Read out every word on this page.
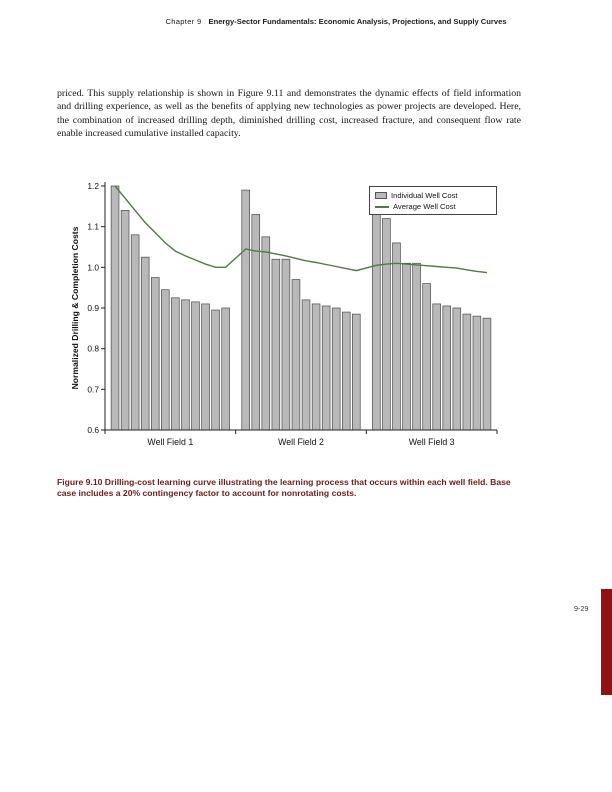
Chapter 9 Energy-Sector Fundamentals: Economic Analysis, Projections, and Supply Curves

priced. This supply relationship is shown in Figure 9.11 and demonstrates the dynamic effects of field information and drilling experience, as well as the benefits of applying new technologies as power projects are developed. Here, the combination of increased drilling depth, diminished drilling cost, increased fracture, and consequent flow rate enable increased cumulative installed capacity.

Normalized Drilling & Completion Costs
0.6
0.7
0.8
0.9
1.0
1.1
1.2
Well Field 1	Well Field 2	Well Field 3
Individual Well Cost
Average Well Cost
Figure 9.10 Drilling-cost learning curve illustrating the learning process that occurs within each well field. Base case includes a 20% contingency factor to account for nonrotating costs.
9-29
